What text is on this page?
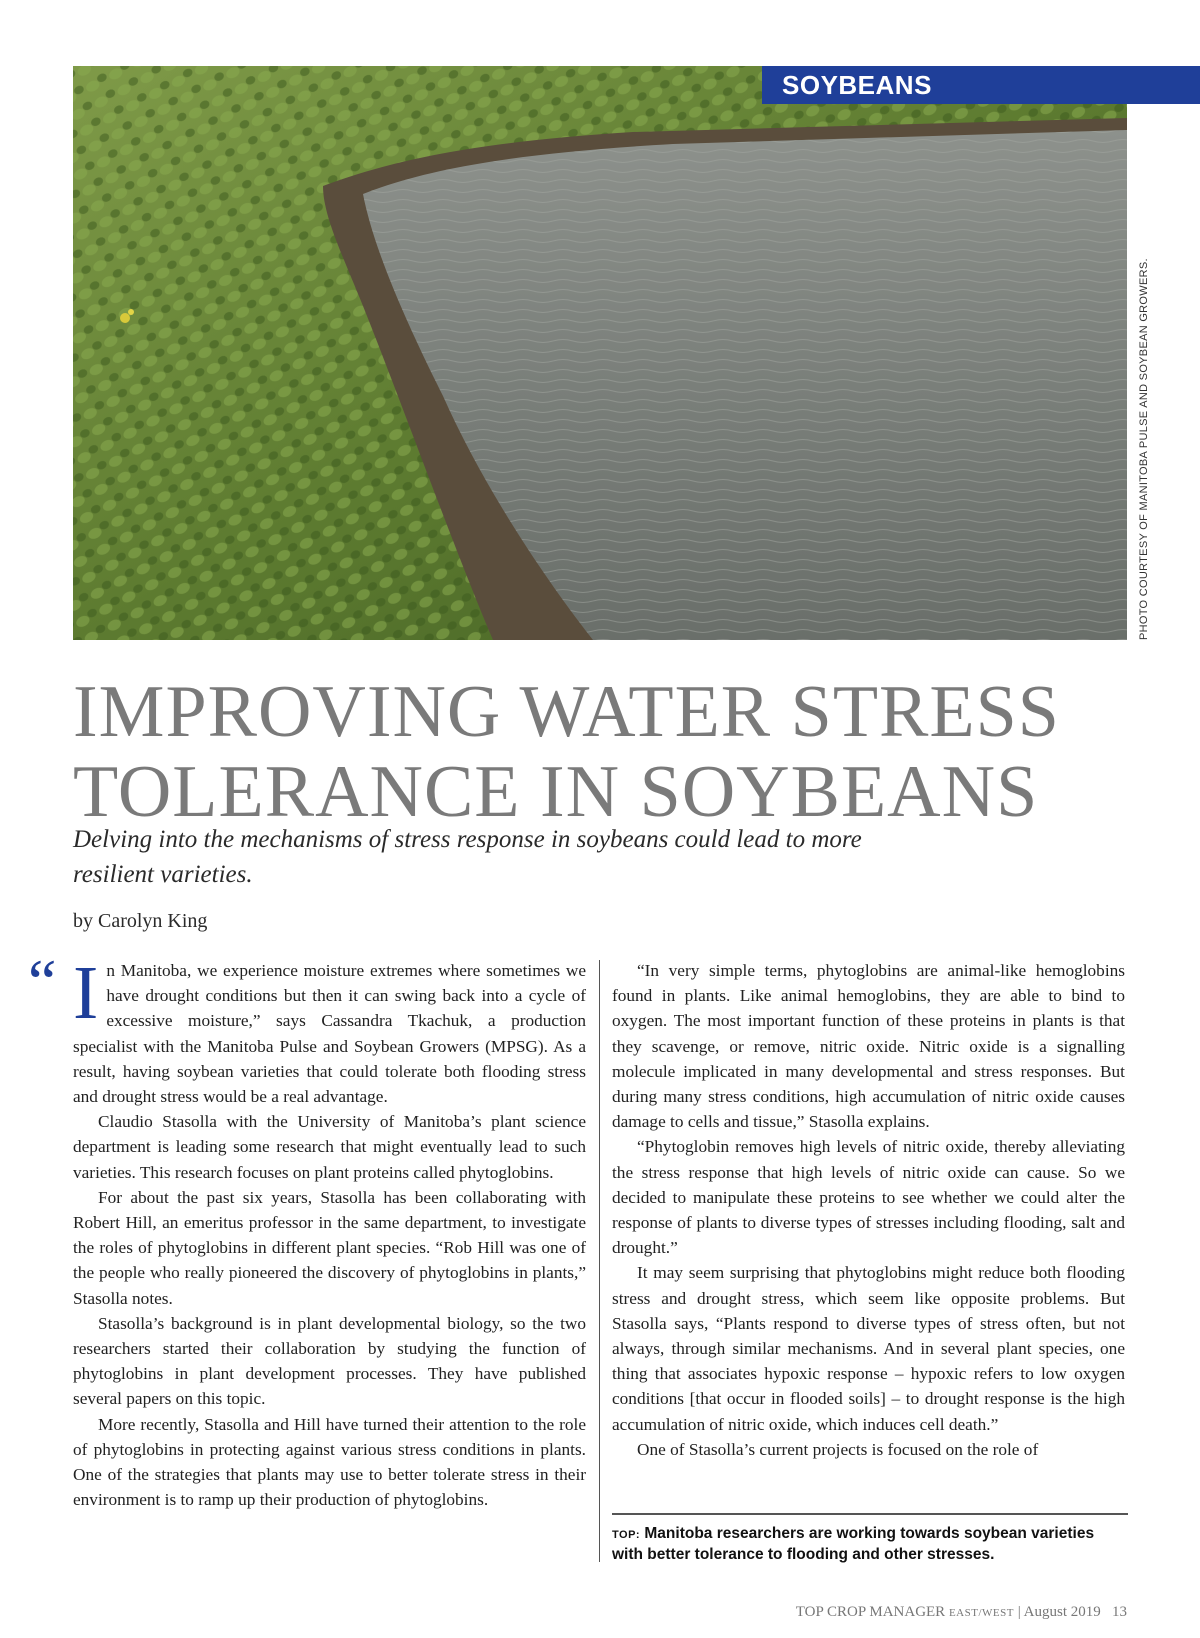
SOYBEANS
PHOTO COURTESY OF MANITOBA PULSE AND SOYBEAN GROWERS.
IMPROVING WATER STRESS
TOLERANCE IN SOYBEANS

Delving into the mechanisms of stress response in soybeans could lead to more resilient varieties.

by Carolyn King
“ In Manitoba, we experience moisture extremes where sometimes we have drought conditions but then it can swing back into a cycle of excessive moisture,” says Cassandra Tkachuk, a production specialist with the Manitoba Pulse and Soybean Growers (MPSG). As a result, having soybean varieties that could tolerate both flooding stress and drought stress would be a real advantage.

Claudio Stasolla with the University of Manitoba’s plant science department is leading some research that might eventually lead to such varieties. This research focuses on plant proteins called phytoglobins.

For about the past six years, Stasolla has been collaborating with Robert Hill, an emeritus professor in the same department, to investigate the roles of phytoglobins in different plant species. “Rob Hill was one of the people who really pioneered the discovery of phytoglobins in plants,” Stasolla notes.

Stasolla’s background is in plant developmental biology, so the two researchers started their collaboration by studying the function of phytoglobins in plant development processes. They have published several papers on this topic.

More recently, Stasolla and Hill have turned their attention to the role of phytoglobins in protecting against various stress conditions in plants. One of the strategies that plants may use to better tolerate stress in their environment is to ramp up their production of phytoglobins.

“In very simple terms, phytoglobins are animal-like hemoglobins found in plants. Like animal hemoglobins, they are able to bind to oxygen. The most important function of these proteins in plants is that they scavenge, or remove, nitric oxide. Nitric oxide is a signalling molecule implicated in many developmental and stress responses. But during many stress conditions, high accumulation of nitric oxide causes damage to cells and tissue,” Stasolla explains.

“Phytoglobin removes high levels of nitric oxide, thereby alleviating the stress response that high levels of nitric oxide can cause. So we decided to manipulate these proteins to see whether we could alter the response of plants to diverse types of stresses including flooding, salt and drought.”

It may seem surprising that phytoglobins might reduce both flooding stress and drought stress, which seem like opposite problems. But Stasolla says, “Plants respond to diverse types of stress often, but not always, through similar mechanisms. And in several plant species, one thing that associates hypoxic response – hypoxic refers to low oxygen conditions [that occur in flooded soils] – to drought response is the high accumulation of nitric oxide, which induces cell death.”

One of Stasolla’s current projects is focused on the role of

TOP: Manitoba researchers are working towards soybean varieties with better tolerance to flooding and other stresses.
TOP CROP MANAGER EAST/WEST | August 2019 13
